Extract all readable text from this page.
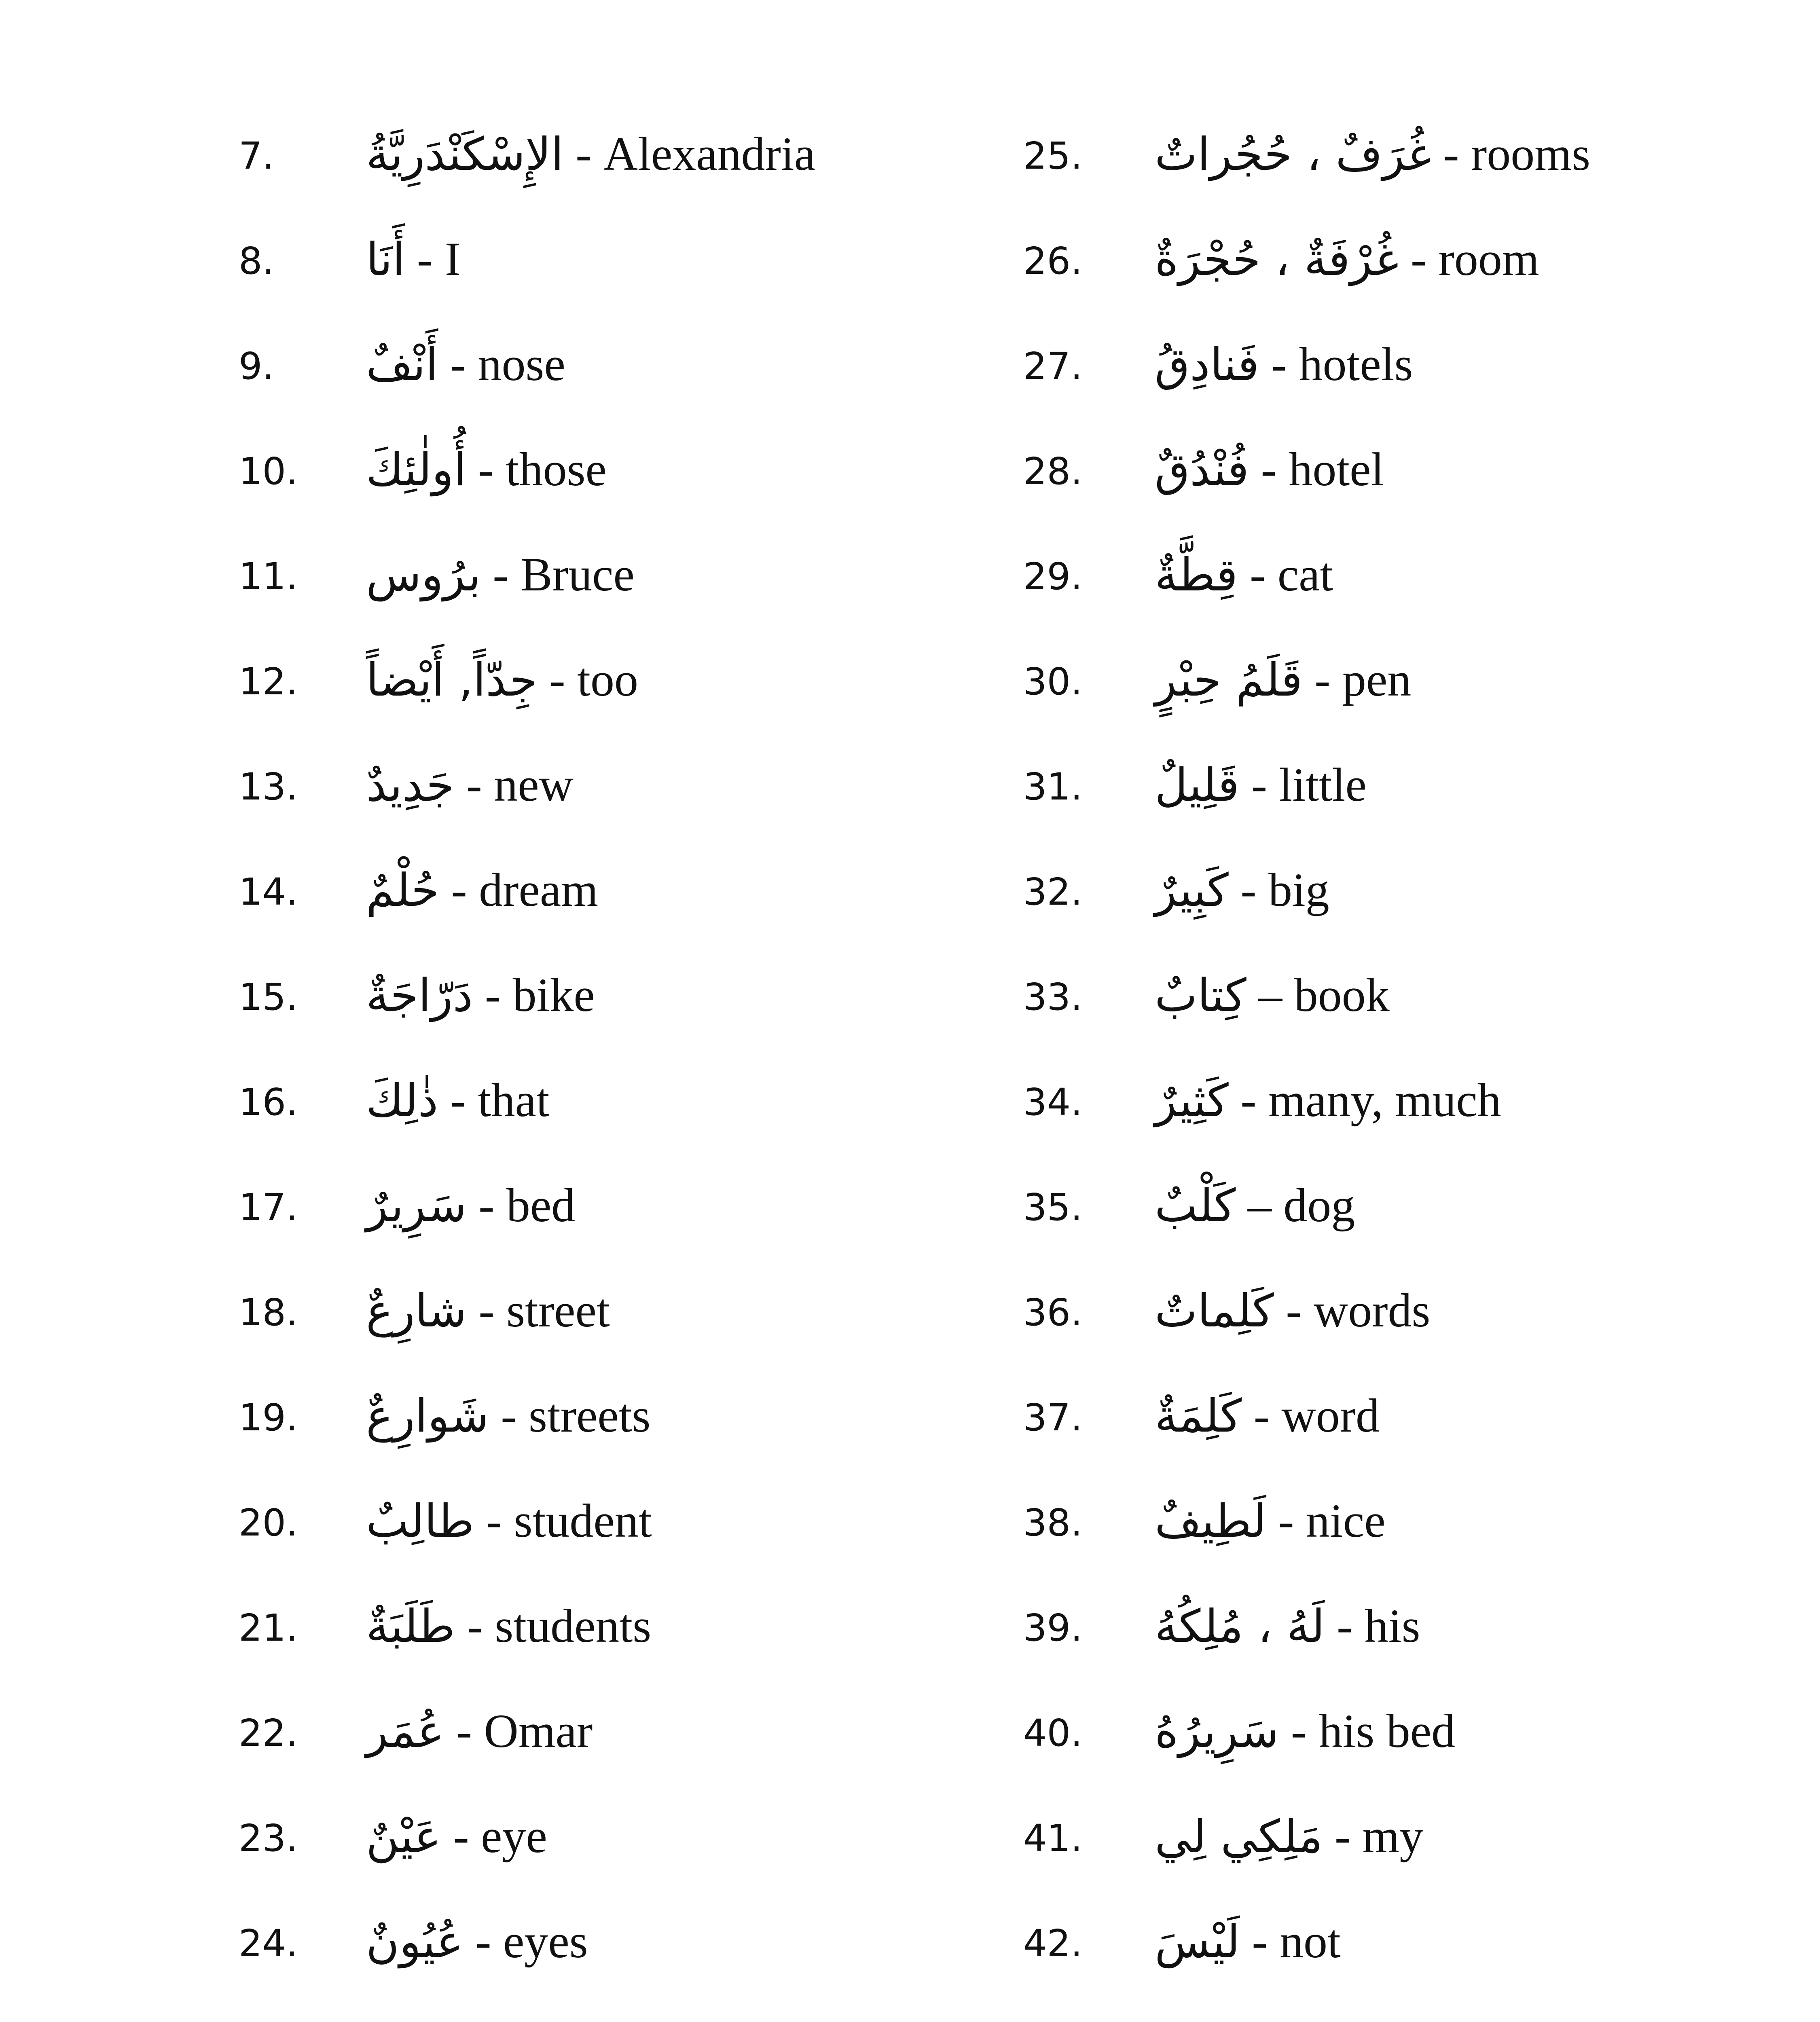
7.	الإِسْكَنْدَرِيَّةُ - Alexandria
8.	أَنَا - I
9.	أَنْفٌ - nose
10.	أُولٰئِكَ - those
11.	برُوس - Bruce
12.	جِدّاً, أَيْضاً - too
13.	جَدِيدٌ - new
14.	حُلْمٌ - dream
15.	دَرّاجَةٌ - bike
16.	ذٰلِكَ - that
17.	سَرِيرٌ - bed
18.	شارِعٌ - street
19.	شَوارِعٌ - streets
20.	طالِبٌ - student
21.	طَلَبَةٌ - students
22.	عُمَر - Omar
23.	عَيْنٌ - eye
24.	عُيُونٌ - eyes
25.	غُرَفٌ ، حُجُراتٌ - rooms
26.	غُرْفَةٌ ، حُجْرَةٌ - room
27.	فَنادِقُ - hotels
28.	فُنْدُقٌ - hotel
29.	قِطَّةٌ - cat
30.	قَلَمُ حِبْرٍ - pen
31.	قَلِيلٌ - little
32.	كَبِيرٌ - big
33.	كِتابٌ – book
34.	كَثِيرٌ - many, much
35.	كَلْبٌ – dog
36.	كَلِماتٌ - words
37.	كَلِمَةٌ - word
38.	لَطِيفٌ - nice
39.	لَهُ ، مُلِكُهُ - his
40.	سَرِيرُهُ - his bed
41.	مَلِكِي لِي - my
42.	لَيْسَ - not
